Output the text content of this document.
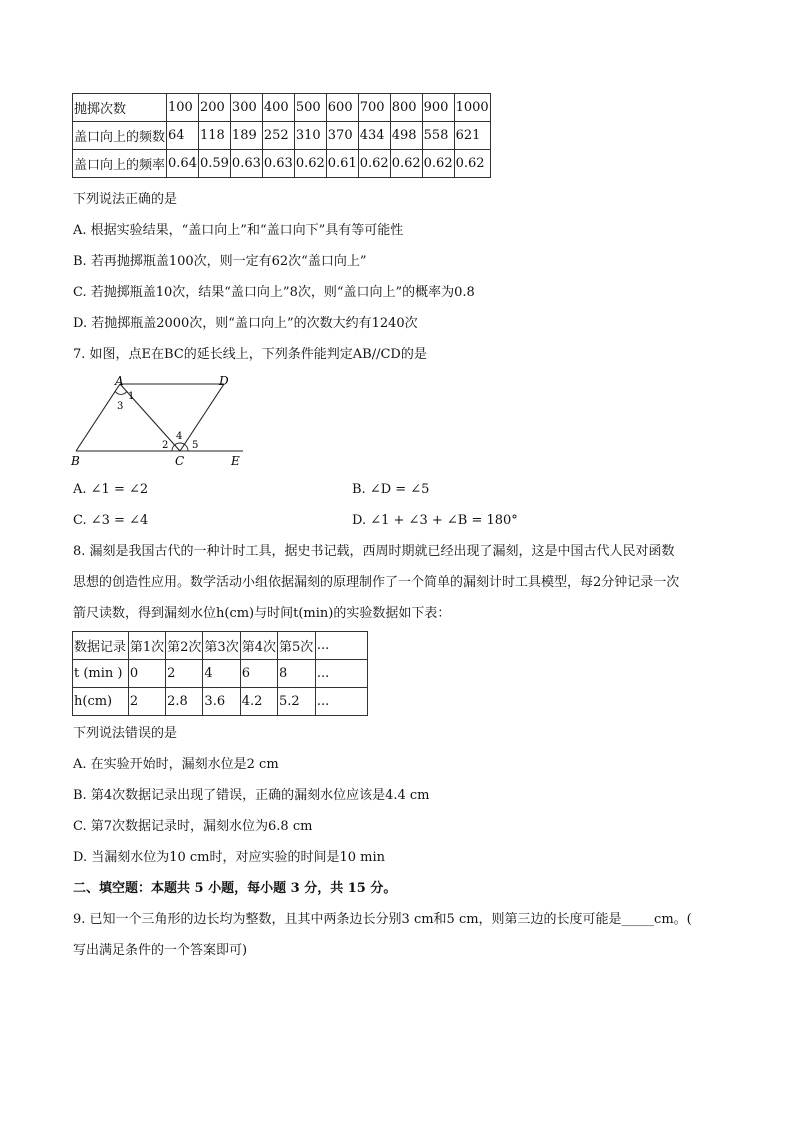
抛掷次数	100	200	300	400	500	600	700	800	900	1000
盖口向上的频数	64	118	189	252	310	370	434	498	558	621
盖口向上的频率	0.64	0.59	0.63	0.63	0.62	0.61	0.62	0.62	0.62	0.62
下列说法正确的是
A. 根据实验结果，“盖口向上”和“盖口向下”具有等可能性
B. 若再抛掷瓶盖100次，则一定有62次“盖口向上”
C. 若抛掷瓶盖10次，结果“盖口向上”8次，则“盖口向上”的概率为0.8
D. 若抛掷瓶盖2000次，则“盖口向上”的次数大约有1240次
7. 如图，点E在BC的延长线上，下列条件能判定AB//CD的是
A	D
B	C	E
1
2
3
4
5
A. ∠1 = ∠2	B. ∠D = ∠5
C. ∠3 = ∠4	D. ∠1 + ∠3 + ∠B = 180°
8. 漏刻是我国古代的一种计时工具，据史书记载，西周时期就已经出现了漏刻，这是中国古代人民对函数
思想的创造性应用。数学活动小组依据漏刻的原理制作了一个简单的漏刻计时工具模型，每2分钟记录一次
箭尺读数，得到漏刻水位h(cm)与时间t(min)的实验数据如下表：
数据记录	第1次	第2次	第3次	第4次	第5次	...
t (min )	0	2	4	6	8	...
h(cm)	2	2.8	3.6	4.2	5.2	...
下列说法错误的是
A. 在实验开始时，漏刻水位是2 cm
B. 第4次数据记录出现了错误，正确的漏刻水位应该是4.4 cm
C. 第7次数据记录时，漏刻水位为6.8 cm
D. 当漏刻水位为10 cm时，对应实验的时间是10 min
二、填空题：本题共 5 小题，每小题 3 分，共 15 分。
9. 已知一个三角形的边长均为整数，且其中两条边长分别3 cm和5 cm，则第三边的长度可能是_____cm。(
写出满足条件的一个答案即可)
